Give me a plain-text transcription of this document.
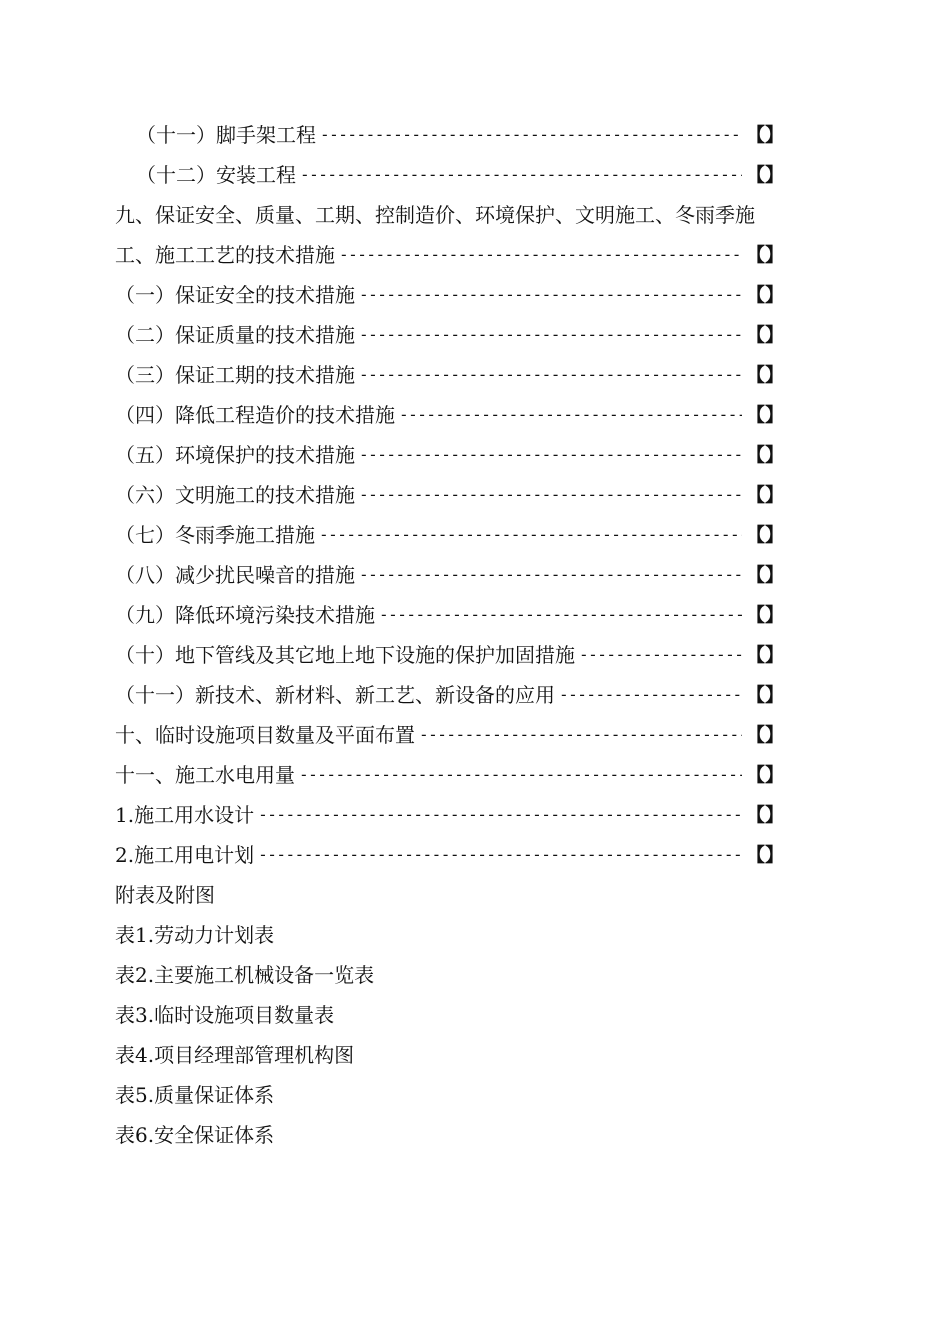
（十一）脚手架工程 -----	【】
（十二）安装工程 -----	【】
九、保证安全、质量、工期、控制造价、环境保护、文明施工、冬雨季施
工、施工工艺的技术措施 -----	【】
（一）保证安全的技术措施 -----	【】
（二）保证质量的技术措施 -----	【】
（三）保证工期的技术措施 -----	【】
（四）降低工程造价的技术措施 -----	【】
（五）环境保护的技术措施 -----	【】
（六）文明施工的技术措施 -----	【】
（七）冬雨季施工措施 -----	【】
（八）减少扰民噪音的措施 -----	【】
（九）降低环境污染技术措施 -----	【】
（十）地下管线及其它地上地下设施的保护加固措施 -----	【】
（十一）新技术、新材料、新工艺、新设备的应用 -----	【】
十、临时设施项目数量及平面布置 -----	【】
十一、施工水电用量 -----	【】
1.施工用水设计 -----	【】
2.施工用电计划 -----	【】
附表及附图
表1.劳动力计划表
表2.主要施工机械设备一览表
表3.临时设施项目数量表
表4.项目经理部管理机构图
表5.质量保证体系
表6.安全保证体系
